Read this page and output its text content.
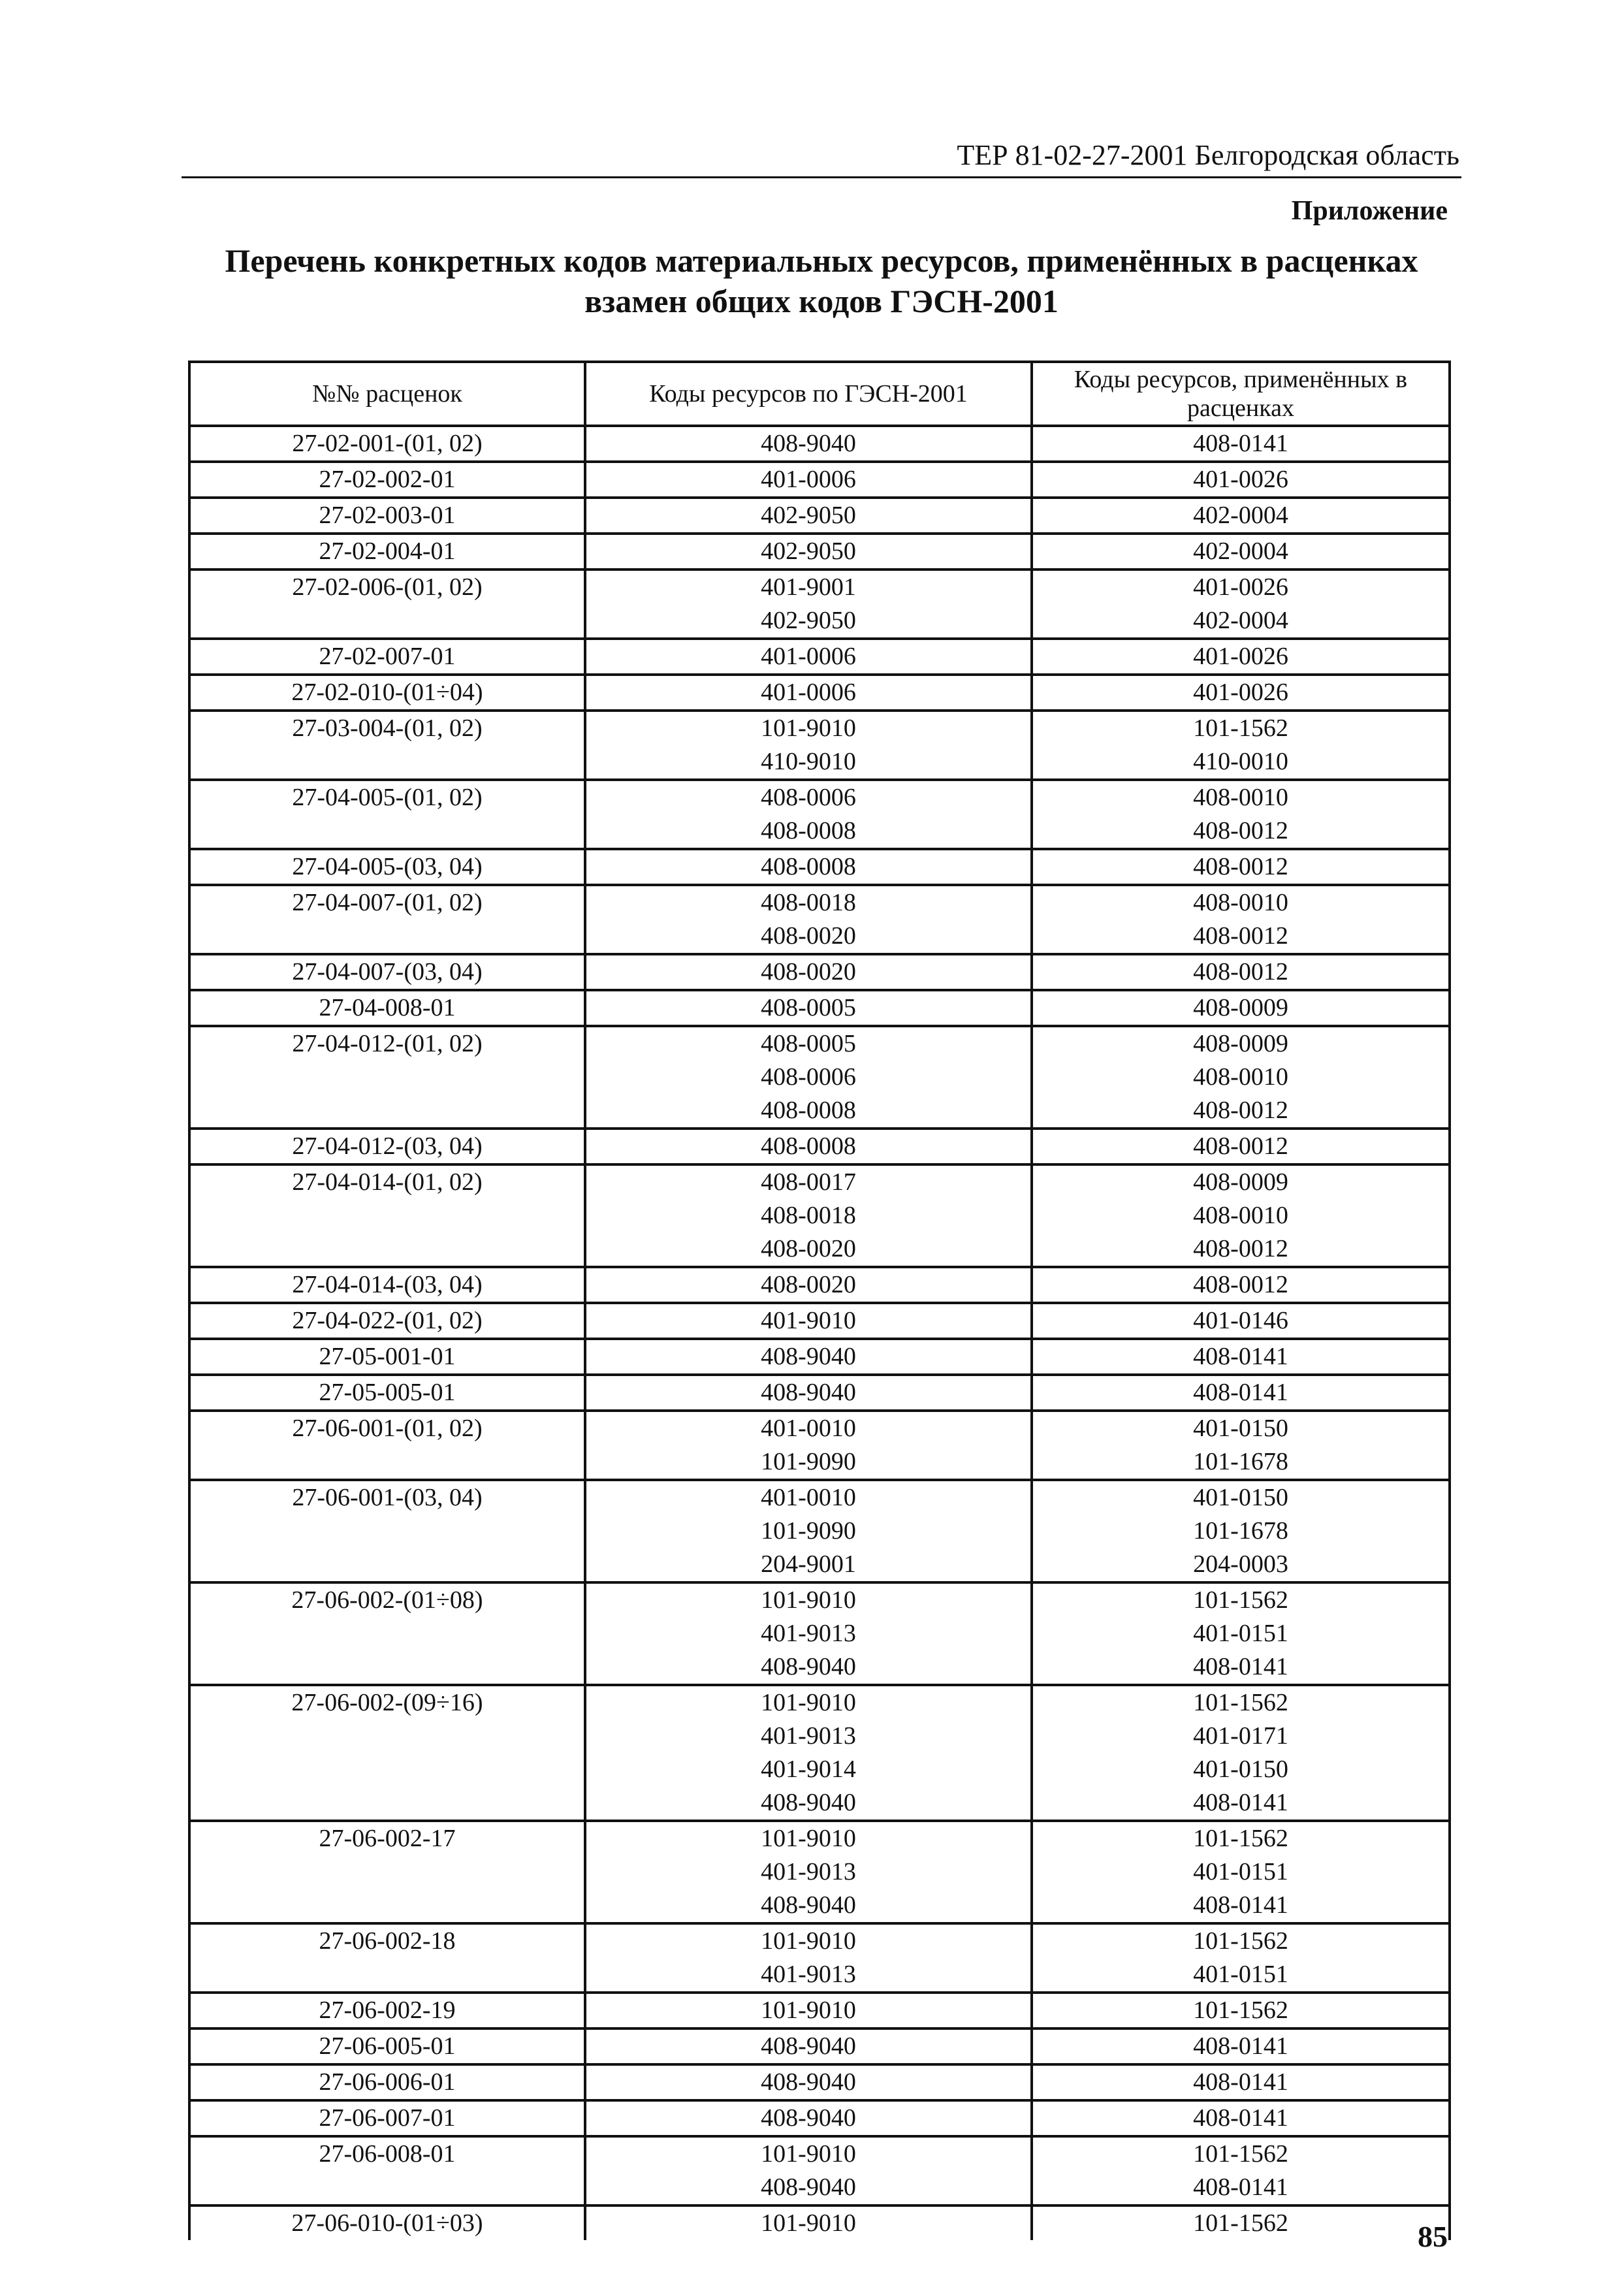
ТЕР 81-02-27-2001 Белгородская область
Приложение
Перечень конкретных кодов материальных ресурсов, применённых в расценках
взамен общих кодов ГЭСН-2001
№№ расценок	Коды ресурсов по ГЭСН-2001	Коды ресурсов, применённых в расценках
27-02-001-(01, 02)	408-9040	408-0141
27-02-002-01	401-0006	401-0026
27-02-003-01	402-9050	402-0004
27-02-004-01	402-9050	402-0004
27-02-006-(01, 02)	401-9001	401-0026
	402-9050	402-0004
27-02-007-01	401-0006	401-0026
27-02-010-(01÷04)	401-0006	401-0026
27-03-004-(01, 02)	101-9010	101-1562
	410-9010	410-0010
27-04-005-(01, 02)	408-0006	408-0010
	408-0008	408-0012
27-04-005-(03, 04)	408-0008	408-0012
27-04-007-(01, 02)	408-0018	408-0010
	408-0020	408-0012
27-04-007-(03, 04)	408-0020	408-0012
27-04-008-01	408-0005	408-0009
27-04-012-(01, 02)	408-0005	408-0009
	408-0006	408-0010
	408-0008	408-0012
27-04-012-(03, 04)	408-0008	408-0012
27-04-014-(01, 02)	408-0017	408-0009
	408-0018	408-0010
	408-0020	408-0012
27-04-014-(03, 04)	408-0020	408-0012
27-04-022-(01, 02)	401-9010	401-0146
27-05-001-01	408-9040	408-0141
27-05-005-01	408-9040	408-0141
27-06-001-(01, 02)	401-0010	401-0150
	101-9090	101-1678
27-06-001-(03, 04)	401-0010	401-0150
	101-9090	101-1678
	204-9001	204-0003
27-06-002-(01÷08)	101-9010	101-1562
	401-9013	401-0151
	408-9040	408-0141
27-06-002-(09÷16)	101-9010	101-1562
	401-9013	401-0171
	401-9014	401-0150
	408-9040	408-0141
27-06-002-17	101-9010	101-1562
	401-9013	401-0151
	408-9040	408-0141
27-06-002-18	101-9010	101-1562
	401-9013	401-0151
27-06-002-19	101-9010	101-1562
27-06-005-01	408-9040	408-0141
27-06-006-01	408-9040	408-0141
27-06-007-01	408-9040	408-0141
27-06-008-01	101-9010	101-1562
	408-9040	408-0141
27-06-010-(01÷03)	101-9010	101-1562	85
